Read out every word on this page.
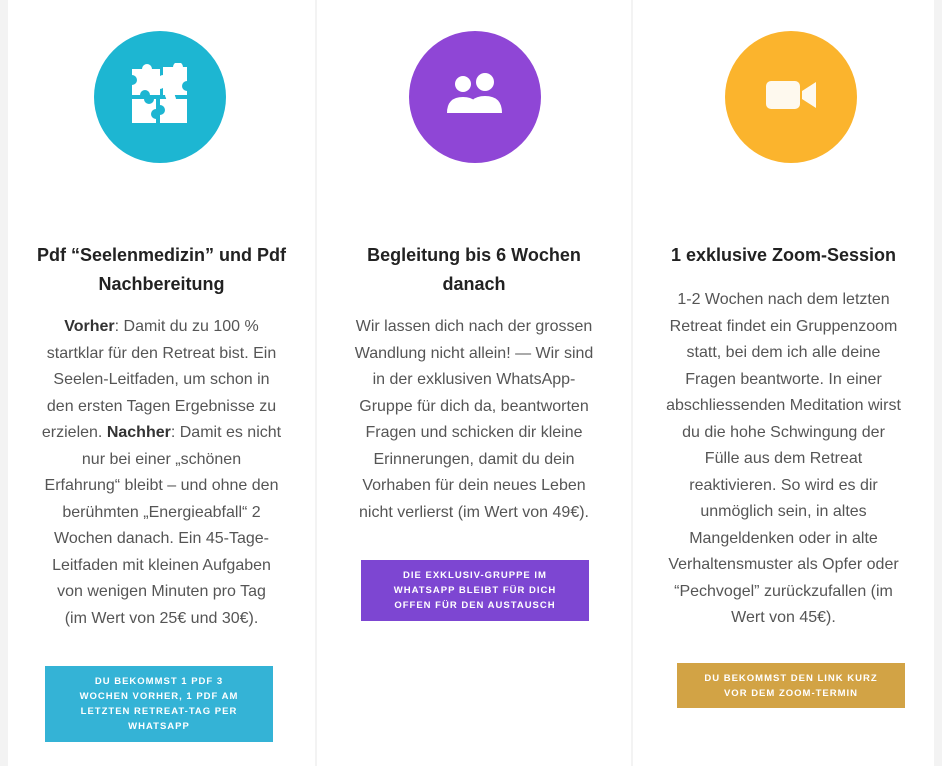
Pdf “Seelenmedizin” und Pdf Nachbereitung
Vorher: Damit du zu 100 %
startklar für den Retreat bist. Ein
Seelen-Leitfaden, um schon in
den ersten Tagen Ergebnisse zu
erzielen. Nachher: Damit es nicht
nur bei einer „schönen
Erfahrung“ bleibt – und ohne den
berühmten „Energieabfall“ 2
Wochen danach. Ein 45-Tage-
Leitfaden mit kleinen Aufgaben
von wenigen Minuten pro Tag
(im Wert von 25€ und 30€).
DU BEKOMMST 1 PDF 3
WOCHEN VORHER, 1 PDF AM
LETZTEN RETREAT-TAG PER
WHATSAPP
Begleitung bis 6 Wochen danach
Wir lassen dich nach der grossen
Wandlung nicht allein! — Wir sind
in der exklusiven WhatsApp-
Gruppe für dich da, beantworten
Fragen und schicken dir kleine
Erinnerungen, damit du dein
Vorhaben für dein neues Leben
nicht verlierst (im Wert von 49€).
DIE EXKLUSIV-GRUPPE IM
WHATSAPP BLEIBT FÜR DICH
OFFEN FÜR DEN AUSTAUSCH
1 exklusive Zoom-Session
1-2 Wochen nach dem letzten
Retreat findet ein Gruppenzoom
statt, bei dem ich alle deine
Fragen beantworte. In einer
abschliessenden Meditation wirst
du die hohe Schwingung der
Fülle aus dem Retreat
reaktivieren. So wird es dir
unmöglich sein, in altes
Mangeldenken oder in alte
Verhaltensmuster als Opfer oder
“Pechvogel” zurückzufallen (im
Wert von 45€).
DU BEKOMMST DEN LINK KURZ
VOR DEM ZOOM-TERMIN
